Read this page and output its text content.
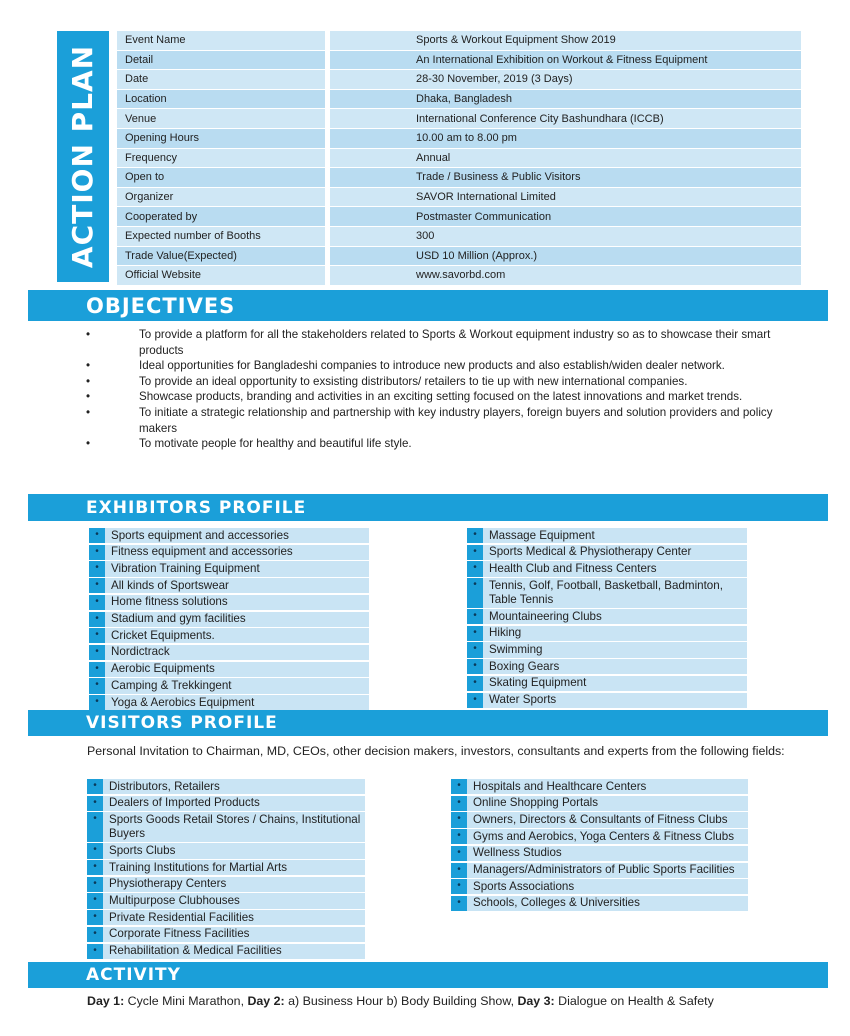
ACTION PLAN
Event Name	Sports & Workout Equipment Show 2019
Detail	An International Exhibition on Workout & Fitness Equipment
Date	28-30 November, 2019 (3 Days)
Location	Dhaka, Bangladesh
Venue	International Conference City Bashundhara (ICCB)
Opening Hours	10.00 am to 8.00 pm
Frequency	Annual
Open to	Trade / Business & Public Visitors
Organizer	SAVOR International Limited
Cooperated by	Postmaster Communication
Expected number of Booths	300
Trade Value(Expected)	USD 10 Million (Approx.)
Official Website	www.savorbd.com
OBJECTIVES
•	To provide a platform for all the stakeholders related to Sports & Workout equipment industry so as to showcase their smart products
•	Ideal opportunities for Bangladeshi companies to introduce new products and also establish/widen dealer network.
•	To provide an ideal opportunity to exsisting distributors/ retailers to tie up with new international companies.
•	Showcase products, branding and activities in an exciting setting focused on the latest innovations and market trends.
•	To initiate a strategic relationship and partnership with key industry players, foreign buyers and solution providers and policy makers
•	To motivate people for healthy and beautiful life style.
EXHIBITORS PROFILE
•	Sports equipment and accessories
•	Fitness equipment and accessories
•	Vibration Training Equipment
•	All kinds of Sportswear
•	Home fitness solutions
•	Stadium and gym facilities
•	Cricket Equipments.
•	Nordictrack
•	Aerobic Equipments
•	Camping & Trekkingent
•	Yoga & Aerobics Equipment
•	Massage Equipment
•	Sports Medical & Physiotherapy Center
•	Health Club and Fitness Centers
•	Tennis, Golf, Football, Basketball, Badminton, Table Tennis
•	Mountaineering Clubs
•	Hiking
•	Swimming
•	Boxing Gears
•	Skating Equipment
•	Water Sports
VISITORS PROFILE
Personal Invitation to Chairman, MD, CEOs, other decision makers, investors, consultants and experts from the following fields:
•	Distributors, Retailers
•	Dealers of Imported Products
•	Sports Goods Retail Stores / Chains, Institutional Buyers
•	Sports Clubs
•	Training Institutions for Martial Arts
•	Physiotherapy Centers
•	Multipurpose Clubhouses
•	Private Residential Facilities
•	Corporate Fitness Facilities
•	Rehabilitation & Medical Facilities
•	Hospitals and Healthcare Centers
•	Online Shopping Portals
•	Owners, Directors & Consultants of Fitness Clubs
•	Gyms and Aerobics, Yoga Centers & Fitness Clubs
•	Wellness Studios
•	Managers/Administrators of Public Sports Facilities
•	Sports Associations
•	Schools, Colleges & Universities
ACTIVITY
Day 1: Cycle Mini Marathon, Day 2: a) Business Hour b) Body Building Show, Day 3: Dialogue on Health & Safety
